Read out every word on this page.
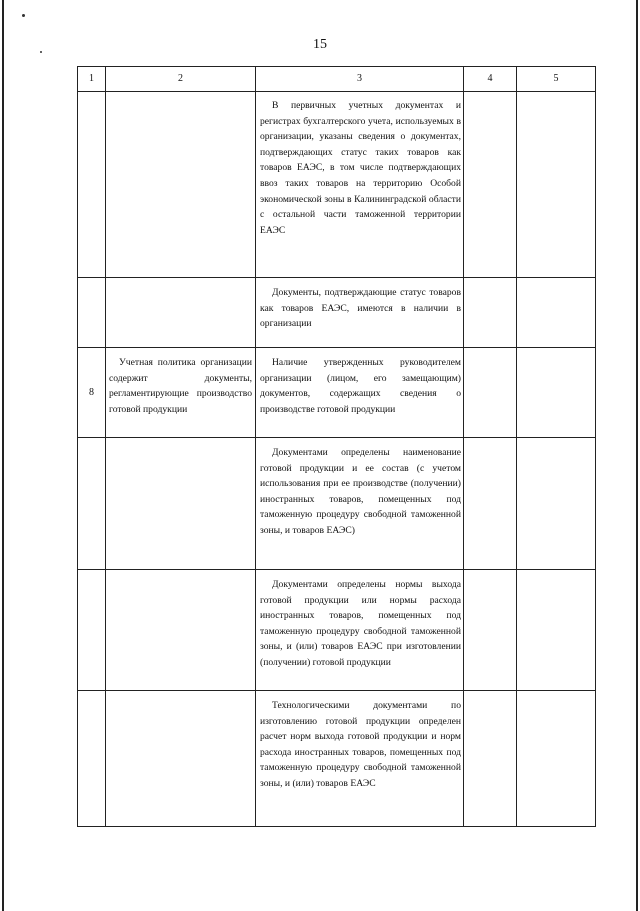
15
1	2	3	4	5

		В первичных учетных документах и регистрах бухгалтерского учета, используемых в организации, указаны сведения о документах, подтверждающих статус таких товаров как товаров ЕАЭС, в том числе подтверждающих ввоз таких товаров на территорию Особой экономической зоны в Калининградской области с остальной части таможенной территории ЕАЭС		

		Документы, подтверждающие статус товаров как товаров ЕАЭС, имеются в наличии в организации		

8	Учетная политика организации содержит документы, регламентирующие производство готовой продукции	Наличие утвержденных руководителем организации (лицом, его замещающим) документов, содержащих сведения о производстве готовой продукции		

		Документами определены наименование готовой продукции и ее состав (с учетом использования при ее производстве (получении) иностранных товаров, помещенных под таможенную процедуру свободной таможенной зоны, и товаров ЕАЭС)		

		Документами определены нормы выхода готовой продукции или нормы расхода иностранных товаров, помещенных под таможенную процедуру свободной таможенной зоны, и (или) товаров ЕАЭС при изготовлении (получении) готовой продукции		

		Технологическими документами по изготовлению готовой продукции определен расчет норм выхода готовой продукции и норм расхода иностранных товаров, помещенных под таможенную процедуру свободной таможенной зоны, и (или) товаров ЕАЭС		
